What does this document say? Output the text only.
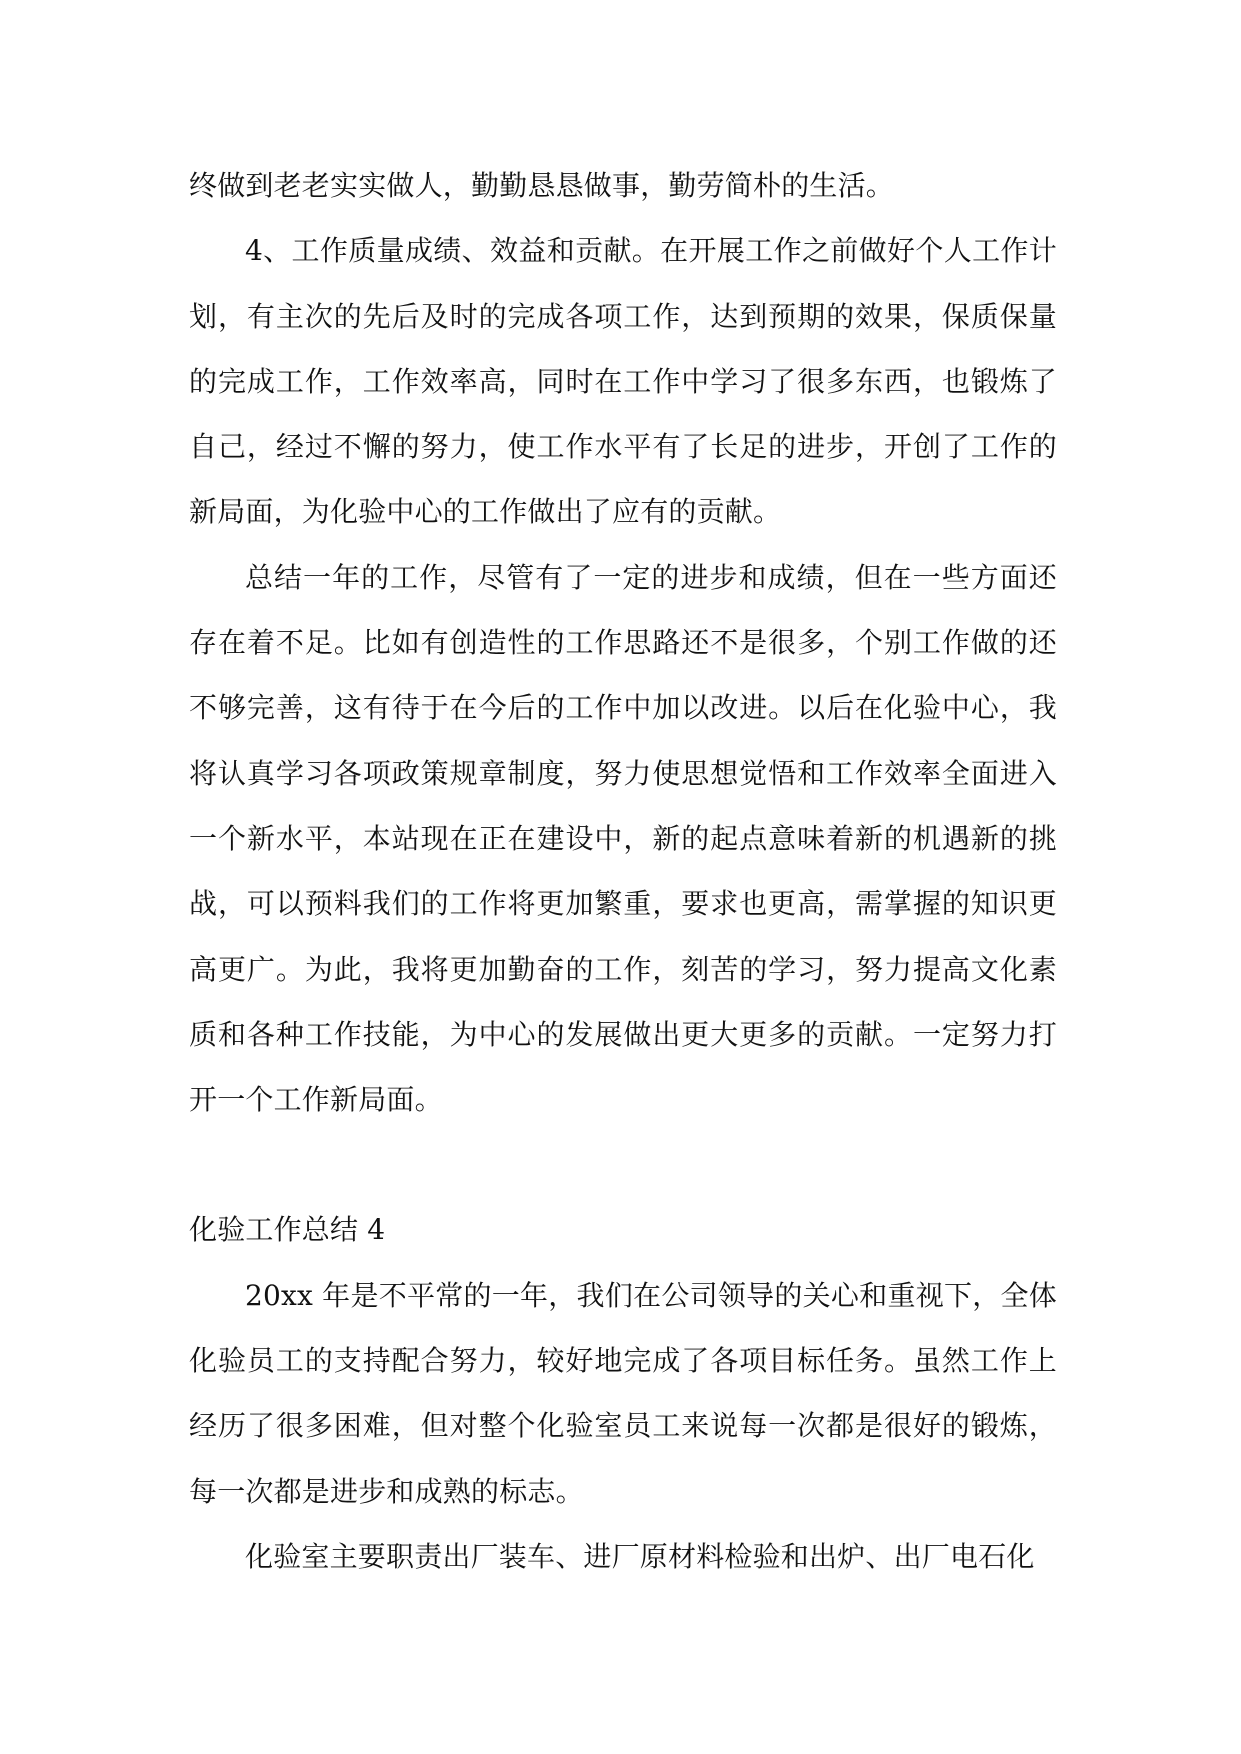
终做到老老实实做人，勤勤恳恳做事，勤劳简朴的生活。

4、工作质量成绩、效益和贡献。在开展工作之前做好个人工作计划，有主次的先后及时的完成各项工作，达到预期的效果，保质保量的完成工作，工作效率高，同时在工作中学习了很多东西，也锻炼了自己，经过不懈的努力，使工作水平有了长足的进步，开创了工作的新局面，为化验中心的工作做出了应有的贡献。

总结一年的工作，尽管有了一定的进步和成绩，但在一些方面还存在着不足。比如有创造性的工作思路还不是很多，个别工作做的还不够完善，这有待于在今后的工作中加以改进。以后在化验中心，我将认真学习各项政策规章制度，努力使思想觉悟和工作效率全面进入一个新水平，本站现在正在建设中，新的起点意味着新的机遇新的挑战，可以预料我们的工作将更加繁重，要求也更高，需掌握的知识更高更广。为此，我将更加勤奋的工作，刻苦的学习，努力提高文化素质和各种工作技能，为中心的发展做出更大更多的贡献。一定努力打开一个工作新局面。

化验工作总结 4

20xx 年是不平常的一年，我们在公司领导的关心和重视下，全体化验员工的支持配合努力，较好地完成了各项目标任务。虽然工作上经历了很多困难，但对整个化验室员工来说每一次都是很好的锻炼，每一次都是进步和成熟的标志。

化验室主要职责出厂装车、进厂原材料检验和出炉、出厂电石化
